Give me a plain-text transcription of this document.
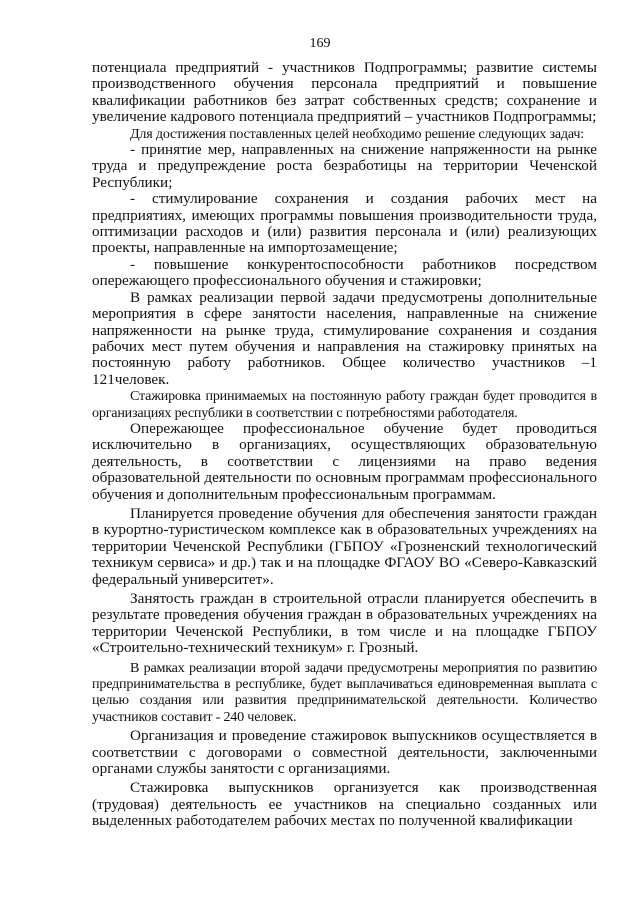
169

потенциала предприятий - участников Подпрограммы; развитие системы производственного обучения персонала предприятий и повышение квалификации работников без затрат собственных средств; сохранение и увеличение кадрового потенциала предприятий – участников Подпрограммы;

Для достижения поставленных целей необходимо решение следующих задач:

- принятие мер, направленных на снижение напряженности на рынке труда и предупреждение роста безработицы на территории Чеченской Республики;

- стимулирование сохранения и создания рабочих мест на предприятиях, имеющих программы повышения производительности труда, оптимизации расходов и (или) развития персонала и (или) реализующих проекты, направленные на импортозамещение;

- повышение конкурентоспособности работников посредством опережающего профессионального обучения и стажировки;

В рамках реализации первой задачи предусмотрены дополнительные мероприятия в сфере занятости населения, направленные на снижение напряженности на рынке труда, стимулирование сохранения и создания рабочих мест путем обучения и направления на стажировку принятых на постоянную работу работников. Общее количество участников –1 121человек.

Стажировка принимаемых на постоянную работу граждан будет проводится в организациях республики в соответствии с потребностями работодателя.

Опережающее профессиональное обучение будет проводиться исключительно в организациях, осуществляющих образовательную деятельность, в соответствии с лицензиями на право ведения образовательной деятельности по основным программам профессионального обучения и дополнительным профессиональным программам.

Планируется проведение обучения для обеспечения занятости граждан в курортно-туристическом комплексе как в образовательных учреждениях на территории Чеченской Республики (ГБПОУ «Грозненский технологический техникум сервиса» и др.) так и на площадке ФГАОУ ВО «Северо-Кавказский федеральный университет».

Занятость граждан в строительной отрасли планируется обеспечить в результате проведения обучения граждан в образовательных учреждениях на территории Чеченской Республики, в том числе и на площадке ГБПОУ «Строительно-технический техникум» г. Грозный.

В рамках реализации второй задачи предусмотрены мероприятия по развитию предпринимательства в республике, будет выплачиваться единовременная выплата с целью создания или развития предпринимательской деятельности. Количество участников составит - 240 человек.

Организация и проведение стажировок выпускников осуществляется в соответствии с договорами о совместной деятельности, заключенными органами службы занятости с организациями.

Стажировка выпускников организуется как производственная (трудовая) деятельность ее участников на специально созданных или выделенных работодателем рабочих местах по полученной квалификации
